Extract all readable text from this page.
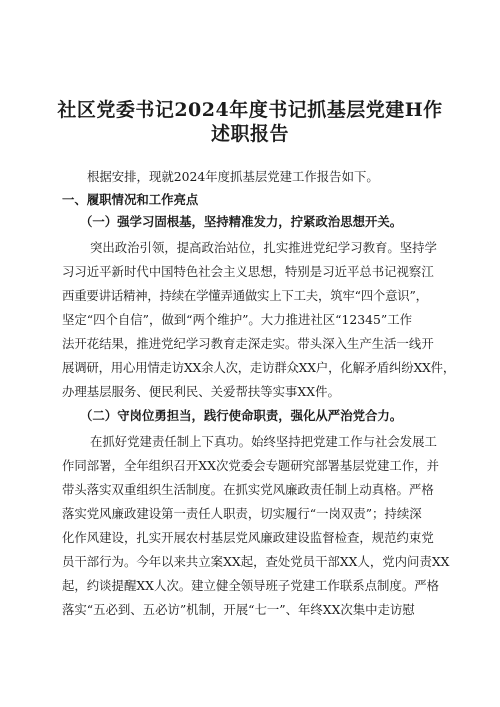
社区党委书记2024年度书记抓基层党建H作
述职报告
根据安排，现就2024年度抓基层党建工作报告如下。
一、履职情况和工作亮点
（一）强学习固根基，坚持精准发力，拧紧政治思想开关。
突出政治引领，提高政治站位，扎实推进党纪学习教育。坚持学
习习近平新时代中国特色社会主义思想，特别是习近平总书记视察江
西重要讲话精神，持续在学懂弄通做实上下工夫，筑牢“四个意识”，
坚定“四个自信”，做到“两个维护”。大力推进社区“12345”工作
法开花结果，推进党纪学习教育走深走实。带头深入生产生活一线开
展调研，用心用情走访XX余人次，走访群众XX户，化解矛盾纠纷XX件，
办理基层服务、便民利民、关爱帮扶等实事XX件。
（二）守岗位勇担当，践行使命职责，强化从严治党合力。
在抓好党建责任制上下真功。始终坚持把党建工作与社会发展工
作同部署，全年组织召开XX次党委会专题研究部署基层党建工作，并
带头落实双重组织生活制度。在抓实党风廉政责任制上动真格。严格
落实党风廉政建设第一责任人职责，切实履行“一岗双责”；持续深
化作风建设，扎实开展农村基层党风廉政建设监督检查，规范约束党
员干部行为。今年以来共立案XX起，查处党员干部XX人，党内问责XX
起，约谈提醒XX人次。建立健全领导班子党建工作联系点制度。严格
落实“五必到、五必访”机制，开展“七一”、年终XX次集中走访慰
